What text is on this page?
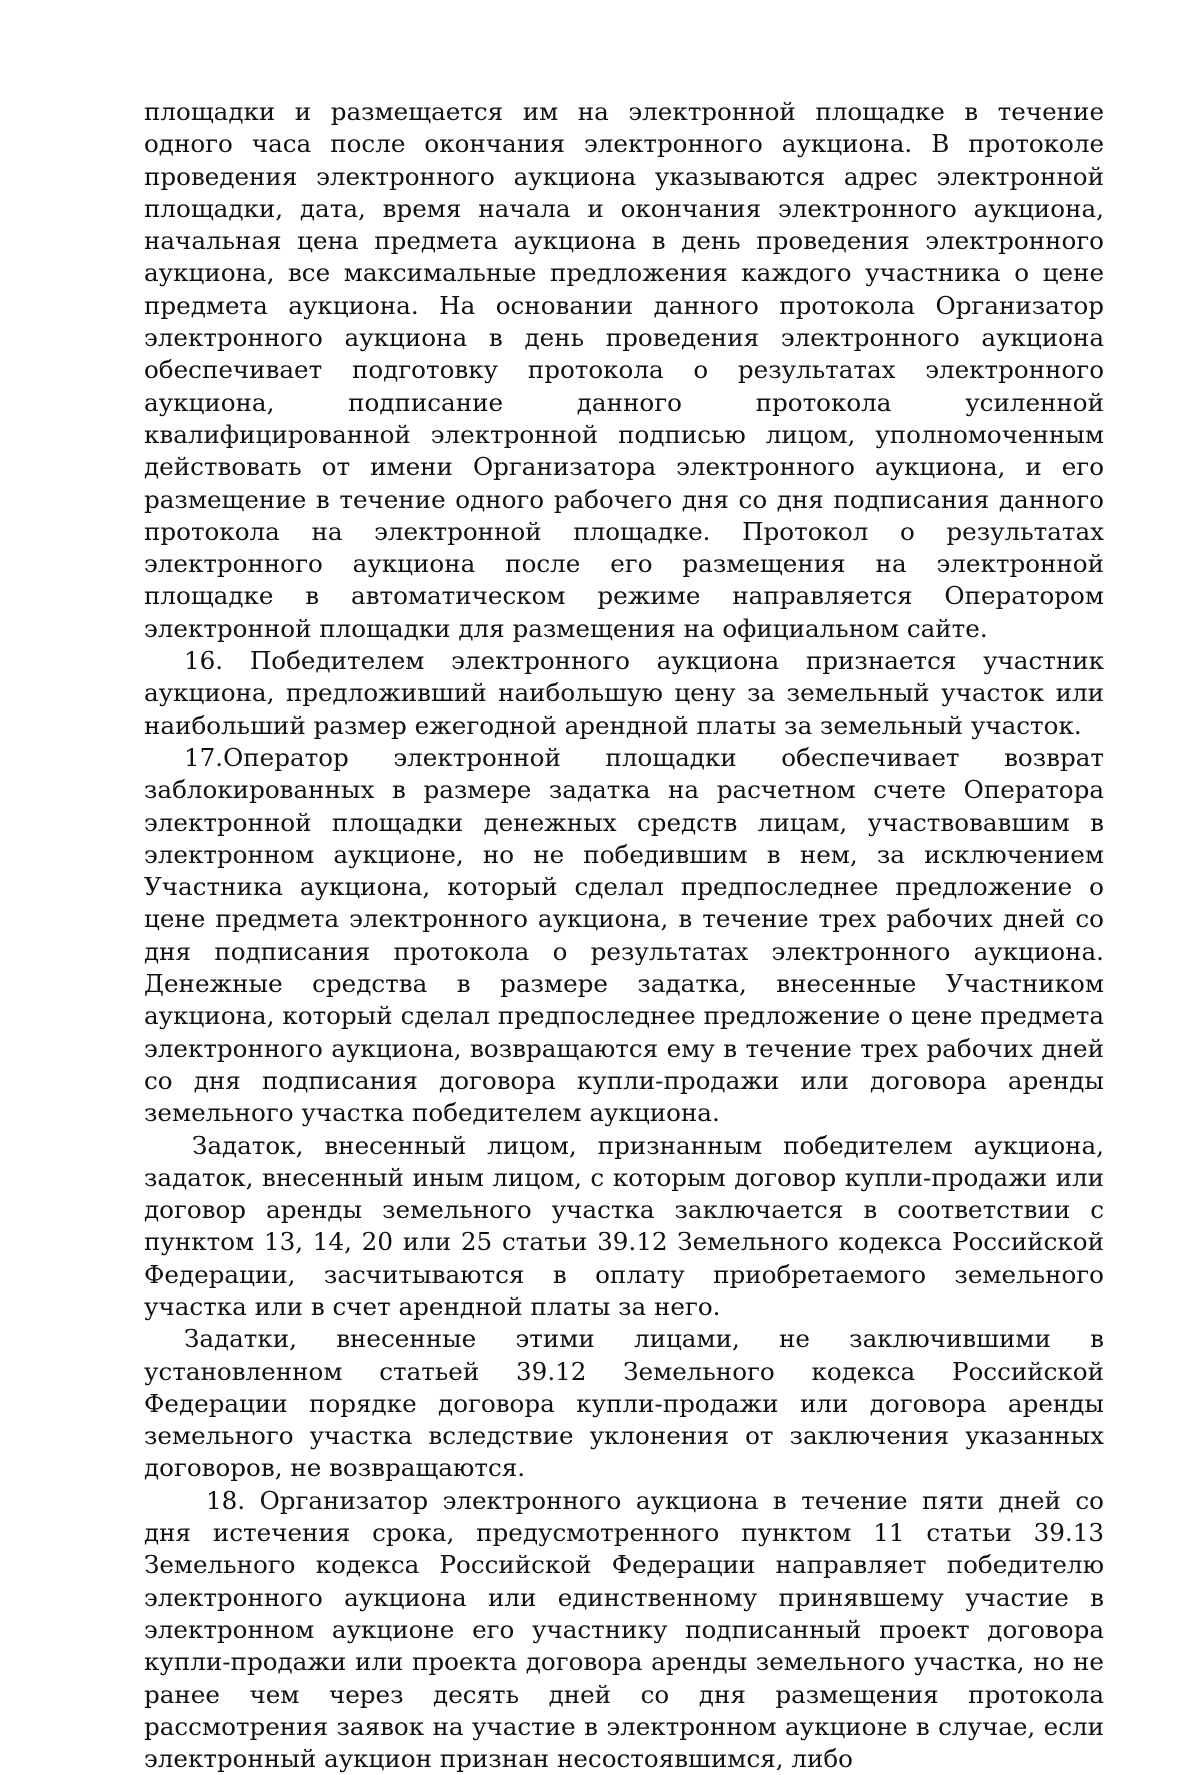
площадки и размещается им на электронной площадке в течение одного часа после окончания электронного аукциона. В протоколе проведения электронного аукциона указываются адрес электронной площадки, дата, время начала и окончания электронного аукциона, начальная цена предмета аукциона в день проведения электронного аукциона, все максимальные предложения каждого участника о цене предмета аукциона. На основании данного протокола Организатор электронного аукциона в день проведения электронного аукциона обеспечивает подготовку протокола о результатах электронного аукциона, подписание данного протокола усиленной квалифицированной электронной подписью лицом, уполномоченным действовать от имени Организатора электронного аукциона, и его размещение в течение одного рабочего дня со дня подписания данного протокола на электронной площадке. Протокол о результатах электронного аукциона после его размещения на электронной площадке в автоматическом режиме направляется Оператором электронной площадки для размещения на официальном сайте.

16. Победителем электронного аукциона признается участник аукциона, предложивший наибольшую цену за земельный участок или наибольший размер ежегодной арендной платы за земельный участок.

17.Оператор электронной площадки обеспечивает возврат заблокированных в размере задатка на расчетном счете Оператора электронной площадки денежных средств лицам, участвовавшим в электронном аукционе, но не победившим в нем, за исключением Участника аукциона, который сделал предпоследнее предложение о цене предмета электронного аукциона, в течение трех рабочих дней со дня подписания протокола о результатах электронного аукциона. Денежные средства в размере задатка, внесенные Участником аукциона, который сделал предпоследнее предложение о цене предмета электронного аукциона, возвращаются ему в течение трех рабочих дней со дня подписания договора купли-продажи или договора аренды земельного участка победителем аукциона.

Задаток, внесенный лицом, признанным победителем аукциона, задаток, внесенный иным лицом, с которым договор купли-продажи или договор аренды земельного участка заключается в соответствии с пунктом 13, 14, 20 или 25 статьи 39.12 Земельного кодекса Российской Федерации, засчитываются в оплату приобретаемого земельного участка или в счет арендной платы за него.

Задатки, внесенные этими лицами, не заключившими в установленном статьей 39.12 Земельного кодекса Российской Федерации порядке договора купли-продажи или договора аренды земельного участка вследствие уклонения от заключения указанных договоров, не возвращаются.

18. Организатор электронного аукциона в течение пяти дней со дня истечения срока, предусмотренного пунктом 11 статьи 39.13 Земельного кодекса Российской Федерации направляет победителю электронного аукциона или единственному принявшему участие в электронном аукционе его участнику подписанный проект договора купли-продажи или проекта договора аренды земельного участка, но не ранее чем через десять дней со дня размещения протокола рассмотрения заявок на участие в электронном аукционе в случае, если электронный аукцион признан несостоявшимся, либо
